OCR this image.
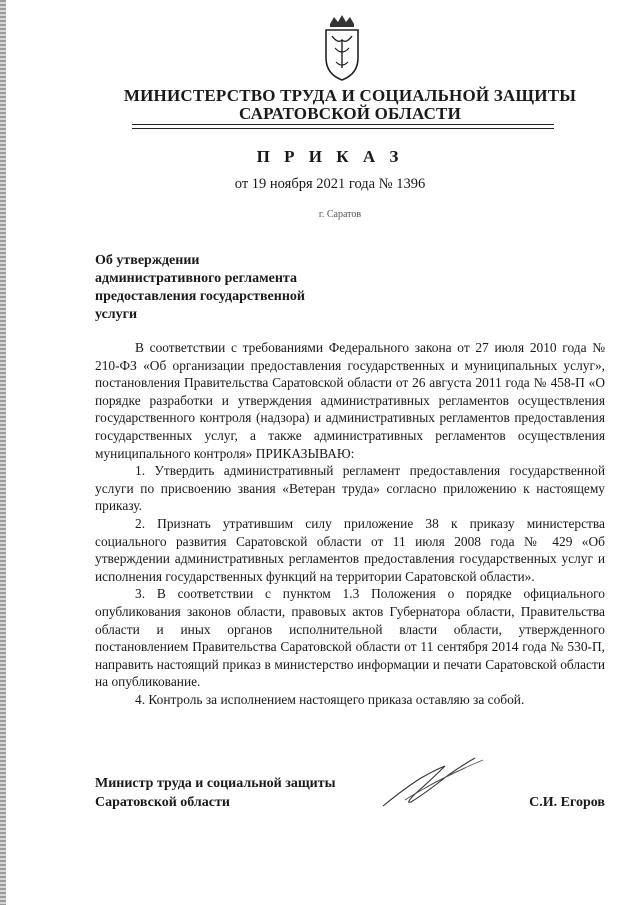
МИНИСТЕРСТВО ТРУДА И СОЦИАЛЬНОЙ ЗАЩИТЫ
САРАТОВСКОЙ ОБЛАСТИ
П Р И К А З
от 19 ноября 2021 года № 1396
г. Саратов
Об утверждении
административного регламента
предоставления государственной
услуги

В соответствии с требованиями Федерального закона от 27 июля 2010 года № 210-ФЗ «Об организации предоставления государственных и муниципальных услуг», постановления Правительства Саратовской области от 26 августа 2011 года № 458-П «О порядке разработки и утверждения административных регламентов осуществления государственного контроля (надзора) и административных регламентов предоставления государственных услуг, а также административных регламентов осуществления муниципального контроля» ПРИКАЗЫВАЮ:

1. Утвердить административный регламент предоставления государственной услуги по присвоению звания «Ветеран труда» согласно приложению к настоящему приказу.

2. Признать утратившим силу приложение 38 к приказу министерства социального развития Саратовской области от 11 июля 2008 года № 429 «Об утверждении административных регламентов предоставления государственных услуг и исполнения государственных функций на территории Саратовской области».

3. В соответствии с пунктом 1.3 Положения о порядке официального опубликования законов области, правовых актов Губернатора области, Правительства области и иных органов исполнительной власти области, утвержденного постановлением Правительства Саратовской области от 11 сентября 2014 года № 530-П, направить настоящий приказ в министерство информации и печати Саратовской области на опубликование.

4. Контроль за исполнением настоящего приказа оставляю за собой.

Министр труда и социальной защиты
Саратовской области	С.И. Егоров
